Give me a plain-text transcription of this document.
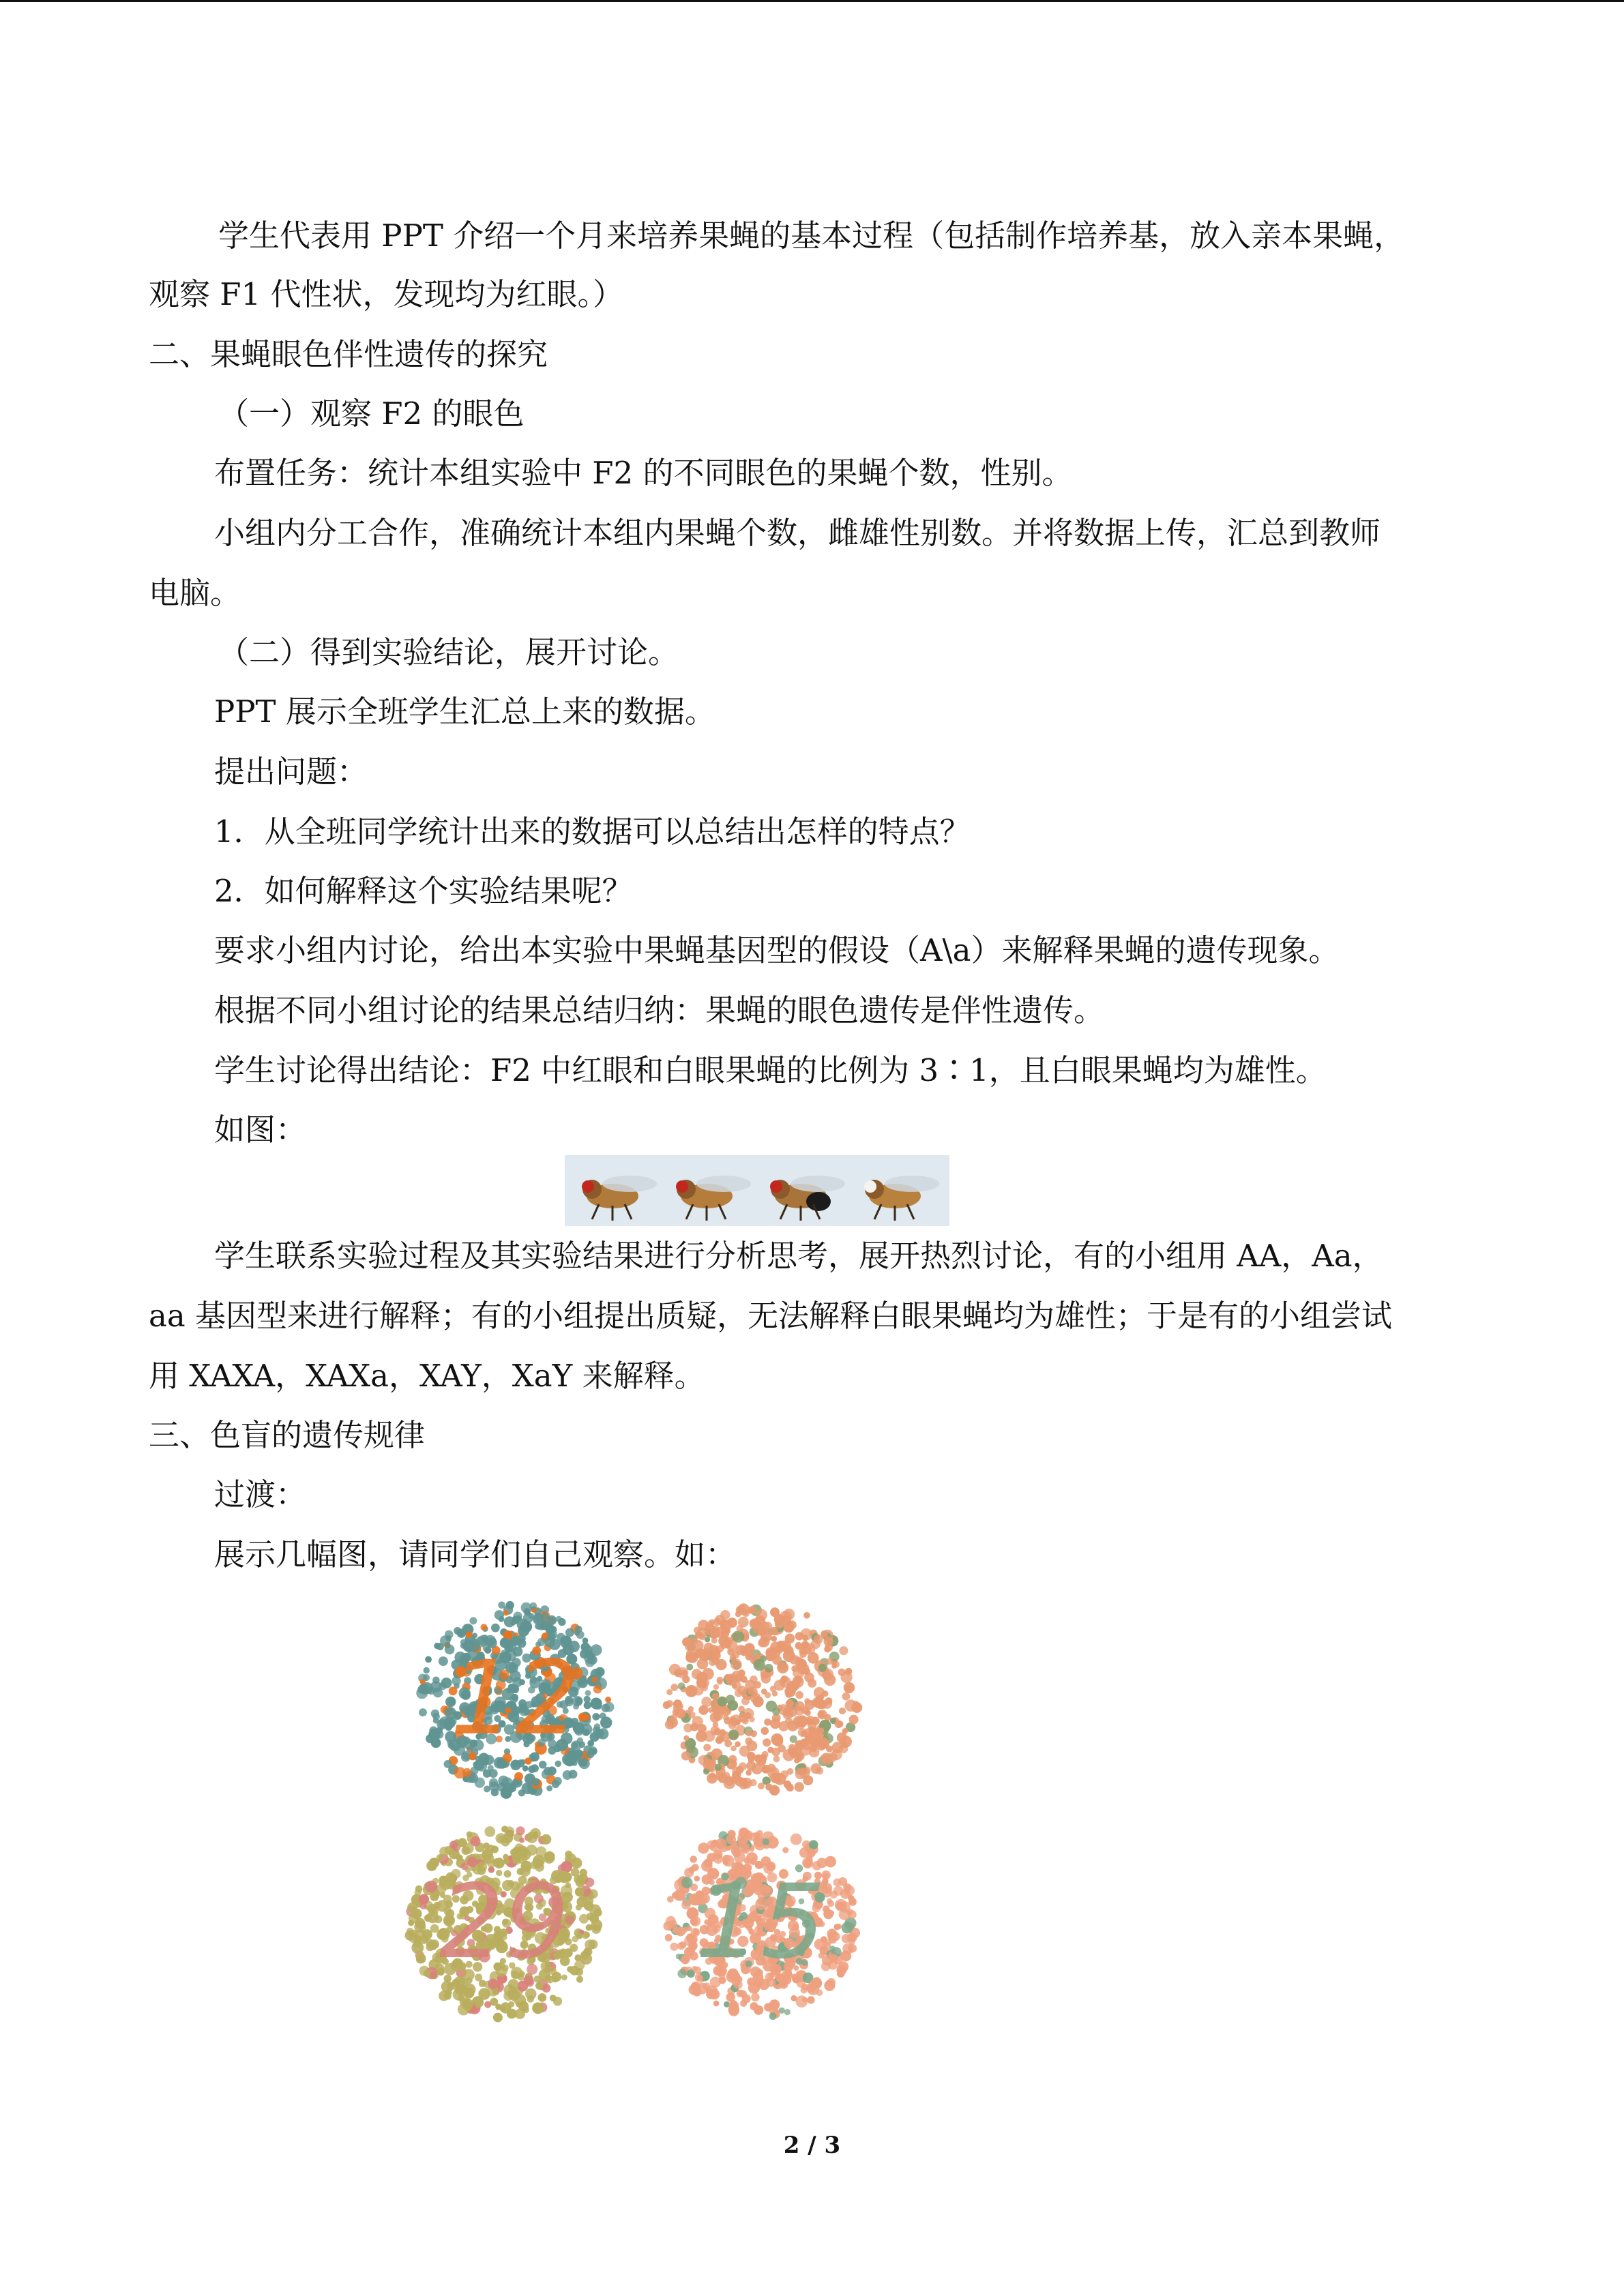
学生代表用 PPT 介绍一个月来培养果蝇的基本过程（包括制作培养基，放入亲本果蝇，
观察 F1 代性状，发现均为红眼。）
二、果蝇眼色伴性遗传的探究
（一）观察 F2 的眼色
布置任务：统计本组实验中 F2 的不同眼色的果蝇个数，性别。
小组内分工合作，准确统计本组内果蝇个数，雌雄性别数。并将数据上传，汇总到教师
电脑。
（二）得到实验结论，展开讨论。
PPT 展示全班学生汇总上来的数据。
提出问题：
1．从全班同学统计出来的数据可以总结出怎样的特点？
2．如何解释这个实验结果呢？
要求小组内讨论，给出本实验中果蝇基因型的假设（A\a）来解释果蝇的遗传现象。
根据不同小组讨论的结果总结归纳：果蝇的眼色遗传是伴性遗传。
学生讨论得出结论：F2 中红眼和白眼果蝇的比例为 3∶1，且白眼果蝇均为雄性。
如图：
学生联系实验过程及其实验结果进行分析思考，展开热烈讨论，有的小组用 AA，Aa，
aa 基因型来进行解释；有的小组提出质疑，无法解释白眼果蝇均为雄性；于是有的小组尝试
用 XAXA，XAXa，XAY，XaY 来解释。
三、色盲的遗传规律
过渡：
展示几幅图，请同学们自己观察。如：
12
29 15
2 / 3
